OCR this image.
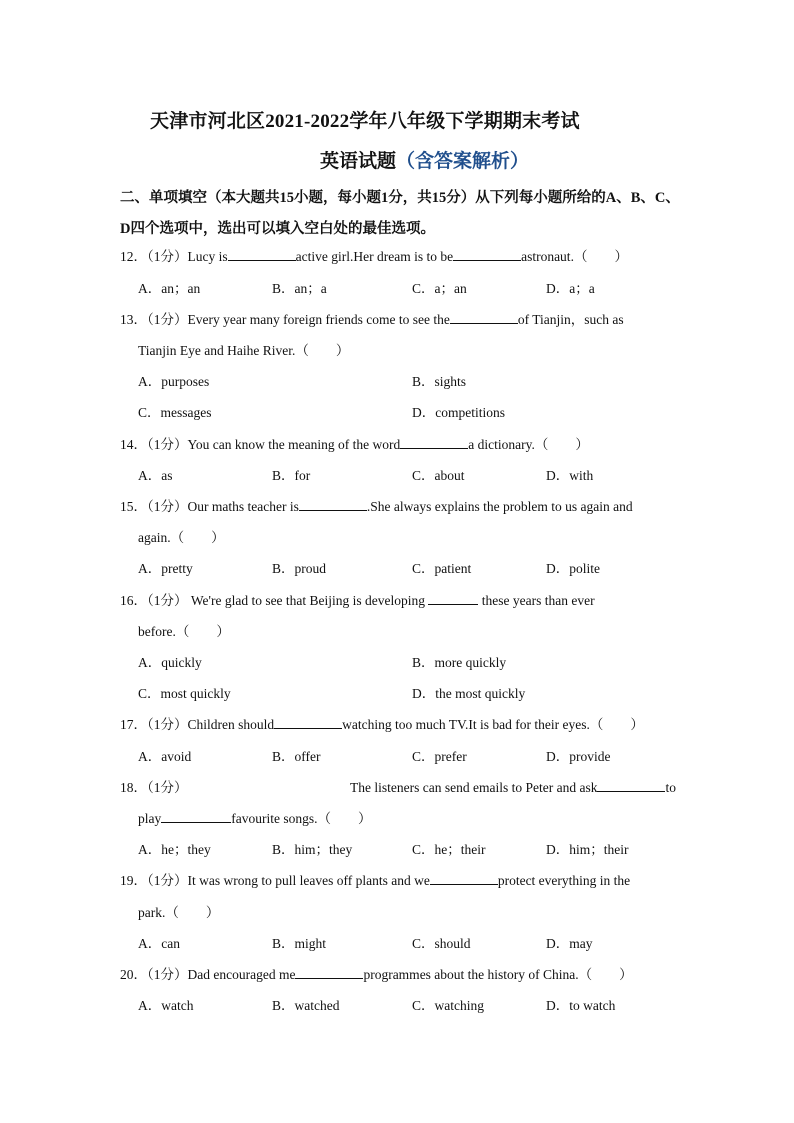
天津市河北区2021-2022学年八年级下学期期末考试
英语试题（含答案解析）
二、单项填空（本大题共15小题，每小题1分，共15分）从下列每小题所给的A、B、C、
D四个选项中，选出可以填入空白处的最佳选项。
12．（1分）Lucy is	active girl.Her dream is to be	astronaut.（　　）
A．an；an	B．an；a	C．a；an	D．a；a
13．（1分）Every year many foreign friends come to see the	of Tianjin，such as
Tianjin Eye and Haihe River.（　　）
A．purposes	B．sights
C．messages	D．competitions
14．（1分）You can know the meaning of the word	a dictionary.（　　）
A．as	B．for	C．about	D．with
15．（1分）Our maths teacher is	.She always explains the problem to us again and
again.（　　）
A．pretty	B．proud	C．patient	D．polite
16．（1分） We're glad to see that Beijing is developing	these years than ever
before.（　　）
A．quickly	B．more quickly
C．most quickly	D．the most quickly
17．（1分）Children should	watching too much TV.It is bad for their eyes.（　　）
A．avoid	B．offer	C．prefer	D．provide
18．（1分）	The listeners can send emails to Peter and ask	to
play	favourite songs.（　　）
A．he；they	B．him；they	C．he；their	D．him；their
19．（1分）It was wrong to pull leaves off plants and we	protect everything in the
park.（　　）
A．can	B．might	C．should	D．may
20．（1分）Dad encouraged me	programmes about the history of China.（　　）
A．watch	B．watched	C．watching	D．to watch
